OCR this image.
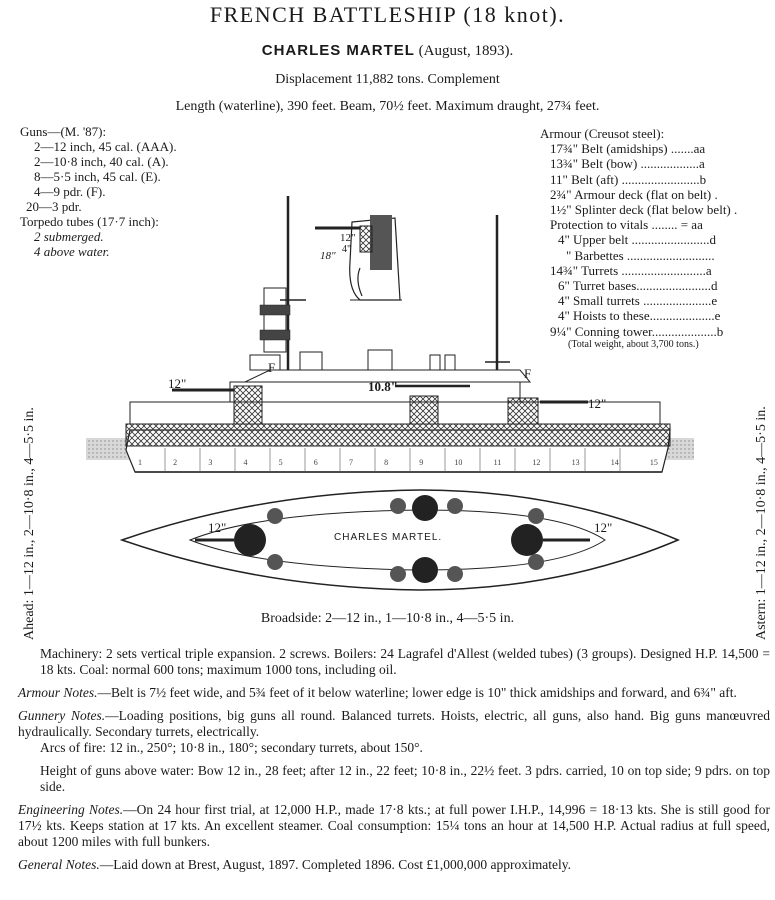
FRENCH BATTLESHIP (18 knot).
CHARLES MARTEL (August, 1893).
Displacement 11,882 tons. Complement
Length (waterline), 390 feet. Beam, 70½ feet. Maximum draught, 27¾ feet.
Guns—(M. '87):
2—12 inch, 45 cal. (AAA).
2—10·8 inch, 40 cal. (A).
8—5·5 inch, 45 cal. (E).
4—9 pdr. (F).
20—3 pdr.
Torpedo tubes (17·7 inch):
2 submerged.
4 above water.
Armour (Creusot steel):
17¾" Belt (amidships) .......aa
13¾" Belt (bow) ..................a
11" Belt (aft) ........................b
2¾" Armour deck (flat on belt) .
1½" Splinter deck (flat below belt) .
Protection to vitals ........ = aa
4" Upper belt ........................d
" Barbettes ...........................
14¾" Turrets ..........................a
6" Turret bases.......................d
4" Small turrets .....................e
4" Hoists to these....................e
9¼" Conning tower....................b
(Total weight, about 3,700 tons.)
12"	10.8"
12"
F	F
12"
18"
4"
12"	12"
CHARLES MARTEL.
1	2	3	4	5	6	7	8	9	10	11	12	13	14	15
Ahead: 1—12 in., 2—10·8 in., 4—5·5 in.	Astern: 1—12 in., 2—10·8 in., 4—5·5 in.
Broadside: 2—12 in., 1—10·8 in., 4—5·5 in.

Machinery: 2 sets vertical triple expansion. 2 screws. Boilers: 24 Lagrafel d'Allest (welded tubes) (3 groups). Designed H.P. 14,500 = 18 kts. Coal: normal 600 tons; maximum 1000 tons, including oil.

Armour Notes.—Belt is 7½ feet wide, and 5¾ feet of it below waterline; lower edge is 10" thick amidships and forward, and 6¾" aft.

Gunnery Notes.—Loading positions, big guns all round. Balanced turrets. Hoists, electric, all guns, also hand. Big guns manœuvred hydraulically. Secondary turrets, electrically.

Arcs of fire: 12 in., 250°; 10·8 in., 180°; secondary turrets, about 150°.

Height of guns above water: Bow 12 in., 28 feet; after 12 in., 22 feet; 10·8 in., 22½ feet. 3 pdrs. carried, 10 on top side; 9 pdrs. on top side.

Engineering Notes.—On 24 hour first trial, at 12,000 H.P., made 17·8 kts.; at full power I.H.P., 14,996 = 18·13 kts. She is still good for 17½ kts. Keeps station at 17 kts. An excellent steamer. Coal consumption: 15¼ tons an hour at 14,500 H.P. Actual radius at full speed, about 1200 miles with full bunkers.

General Notes.—Laid down at Brest, August, 1897. Completed 1896. Cost £1,000,000 approximately.
